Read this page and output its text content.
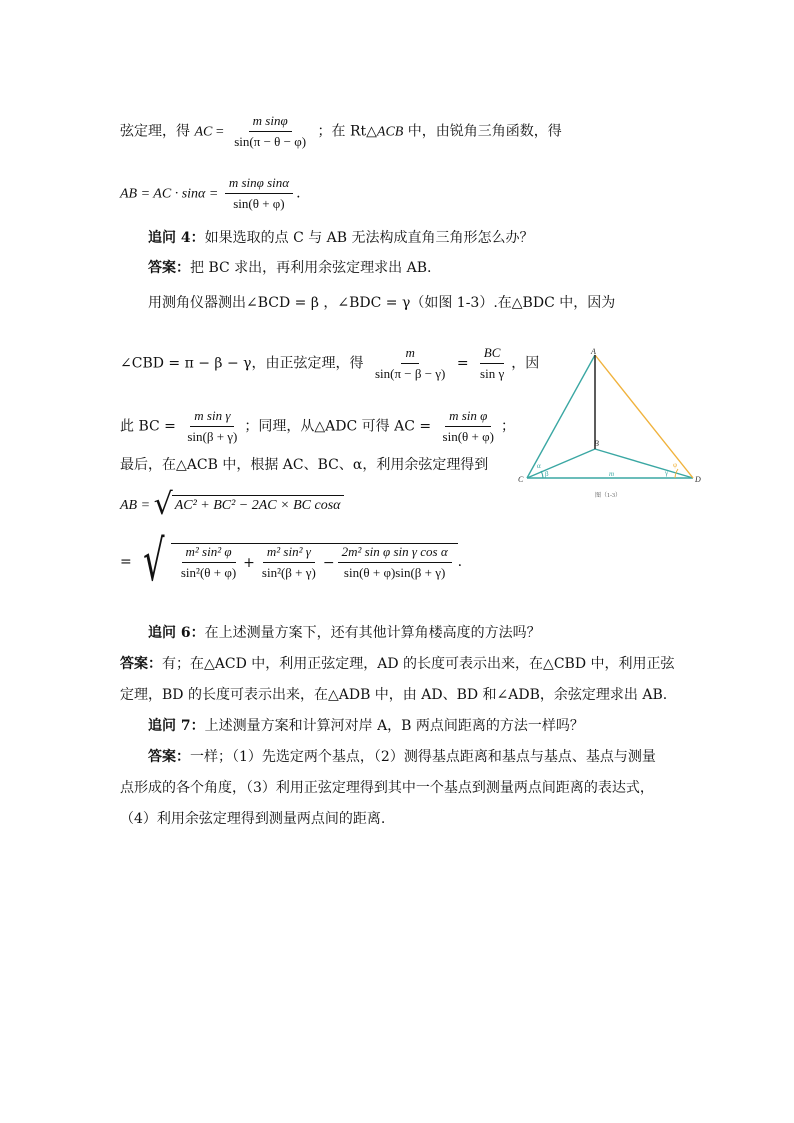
弦定理，得 AC = $\frac{\text{m sinφ}}{\sin(\pi - \theta - \varphi)}$ ；在 Rt△ACB 中，由锐角三角函数，得
AB = AC · $\sin\alpha = \frac{\text{m sinφ sinα}}{\sin(\theta + \varphi)}$ .
追问 4：如果选取的点 C 与 AB 无法构成直角三角形怎么办？
答案：把 BC 求出，再利用余弦定理求出 AB.
用测角仪器测出∠BCD = β ，∠BDC = γ（如图 1-3）.在△BDC 中，因为
∠CBD = π − β − γ，由正弦定理，得 $\frac{m}{\sin(\pi - \beta - \gamma)} = \frac{BC}{\text{sin γ}}$ ，因
此 BC = $\frac{\text{m sin γ}}{\sin(\beta + \gamma)}$ ；同理，从△ADC 可得 AC = $\frac{\text{m sin φ}}{\sin(\theta + \varphi)}$ ；
最后，在△ACB 中，根据 AC、BC、α，利用余弦定理得到
AB = √ AC² + BC² − 2AC × BC cosα
= √ $\frac{\text{m² sin² φ}}{\text{sin²(θ + φ)}} + \frac{\text{m² sin² γ}}{\text{sin²(β + γ)}} - \frac{\text{2m² sin φ sin γ cos α}}{\sin(\theta + \varphi)\sin(\beta + \gamma)}$ .
追问 6：在上述测量方案下，还有其他计算角楼高度的方法吗？
答案：有；在△ACD 中，利用正弦定理，AD 的长度可表示出来，在△CBD 中，利用正弦
定理，BD 的长度可表示出来，在△ADB 中，由 AD、BD 和∠ADB，余弦定理求出 AB.
追问 7：上述测量方案和计算河对岸 A，B 两点间距离的方法一样吗？
答案：一样；（1）先选定两个基点，（2）测得基点距离和基点与基点、基点与测量
点形成的各个角度，（3）利用正弦定理得到其中一个基点到测量两点间距离的表达式，
（4）利用余弦定理得到测量两点间的距离.
A
B
C	D
m
α
β	γ
φ
图（1-3）
